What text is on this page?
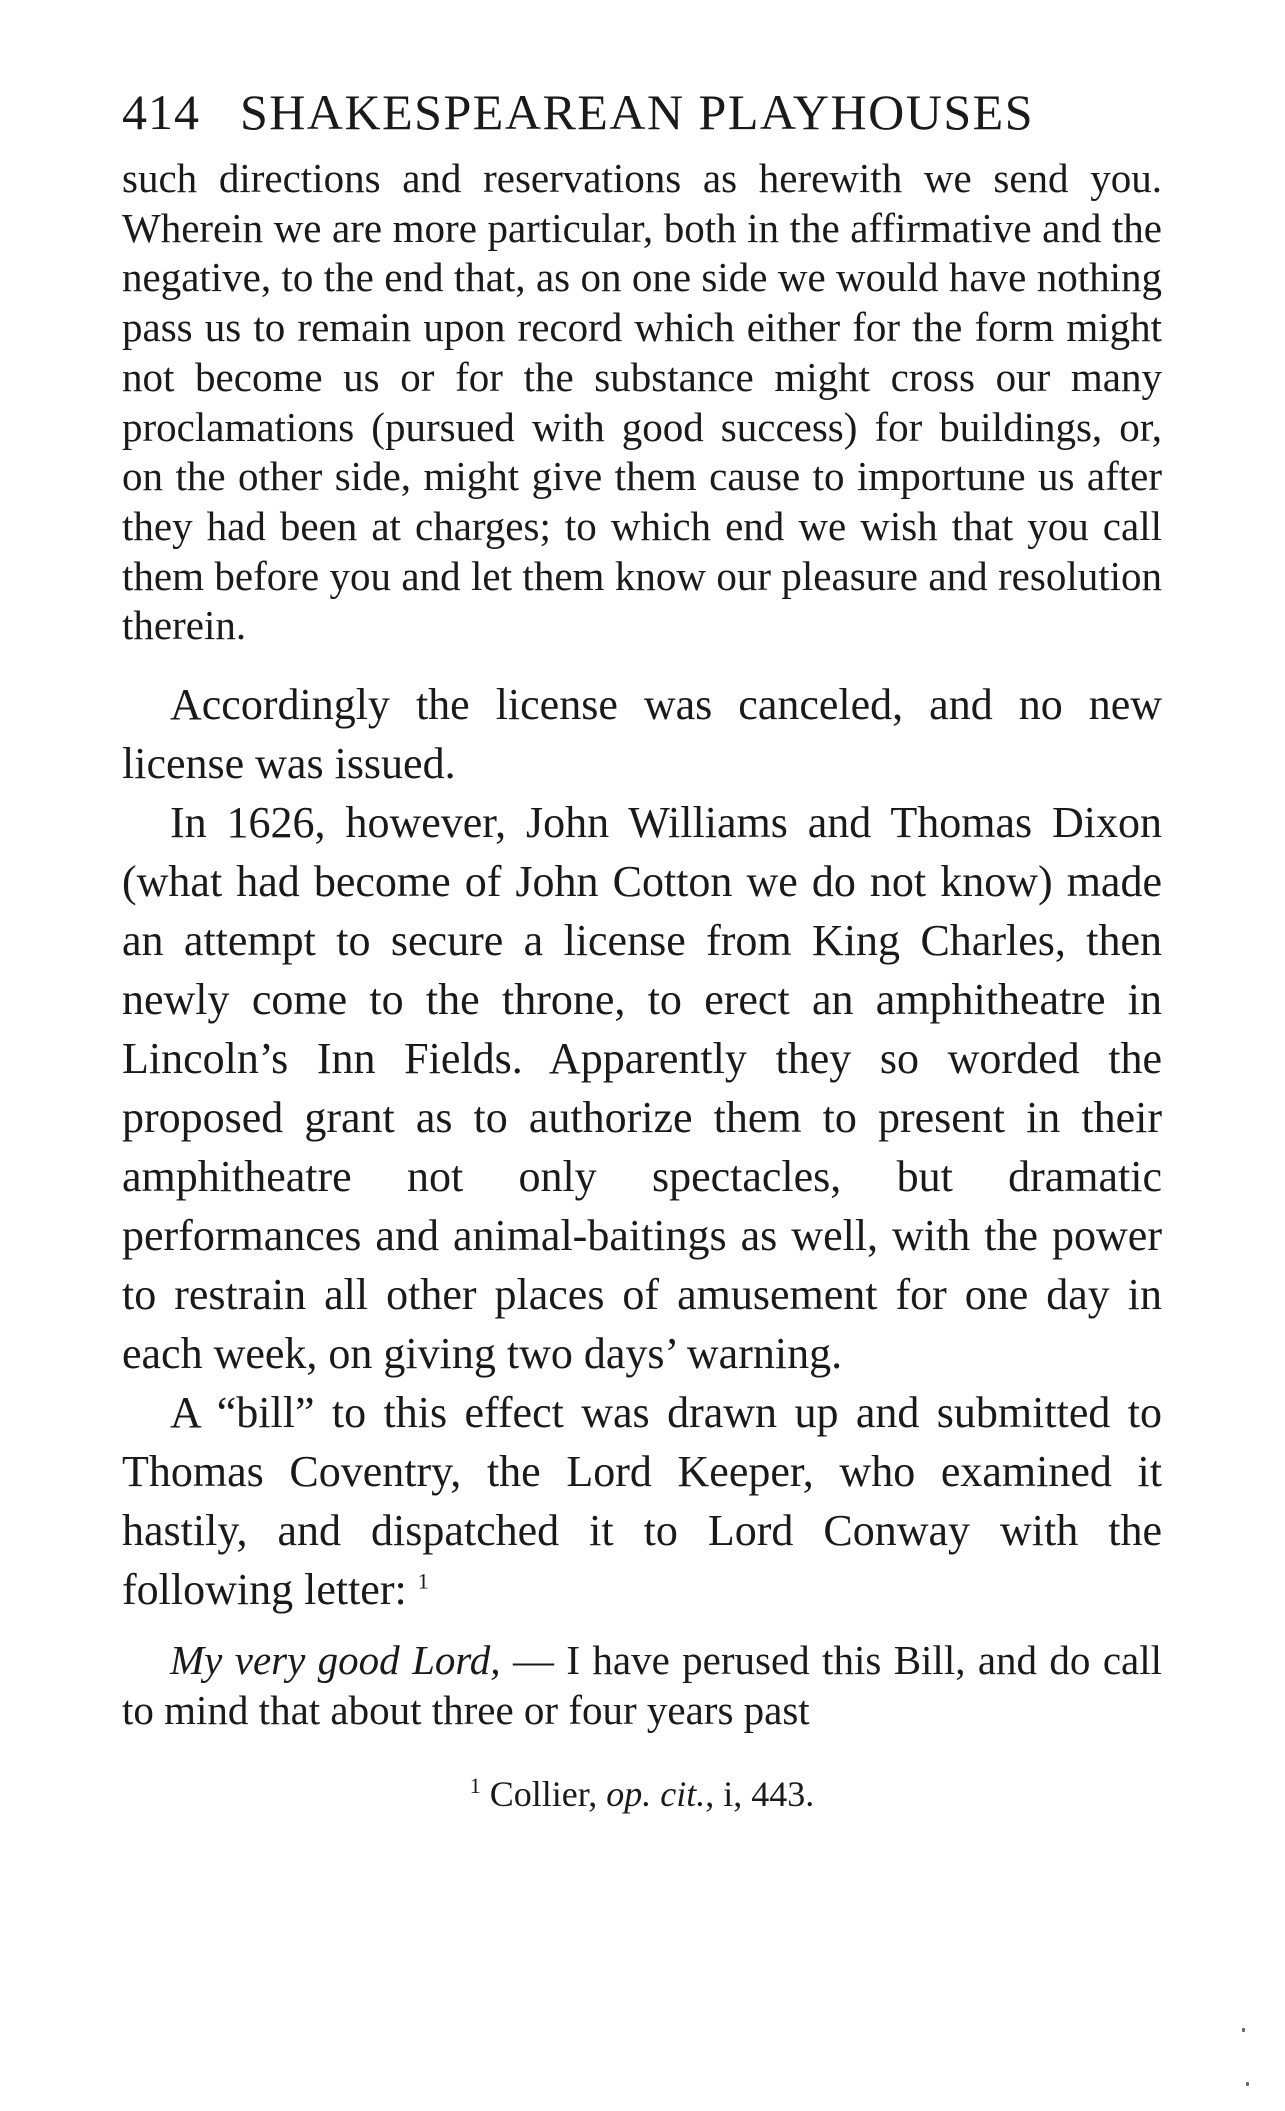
414 SHAKESPEAREAN PLAYHOUSES

such directions and reservations as herewith we send you. Wherein we are more particular, both in the affirmative and the negative, to the end that, as on one side we would have nothing pass us to remain upon record which either for the form might not become us or for the substance might cross our many proclamations (pursued with good success) for buildings, or, on the other side, might give them cause to importune us after they had been at charges; to which end we wish that you call them before you and let them know our pleasure and resolution therein.

Accordingly the license was canceled, and no new license was issued.

In 1626, however, John Williams and Thomas Dixon (what had become of John Cotton we do not know) made an attempt to secure a license from King Charles, then newly come to the throne, to erect an amphitheatre in Lincoln’s Inn Fields. Apparently they so worded the proposed grant as to authorize them to present in their amphitheatre not only spectacles, but dramatic performances and animal-baitings as well, with the power to restrain all other places of amusement for one day in each week, on giving two days’ warning.

A “bill” to this effect was drawn up and submitted to Thomas Coventry, the Lord Keeper, who examined it hastily, and dispatched it to Lord Conway with the following letter: $^1$

My very good Lord, — I have perused this Bill, and do call to mind that about three or four years past

$^1$ Collier, op. cit., i, 443.
